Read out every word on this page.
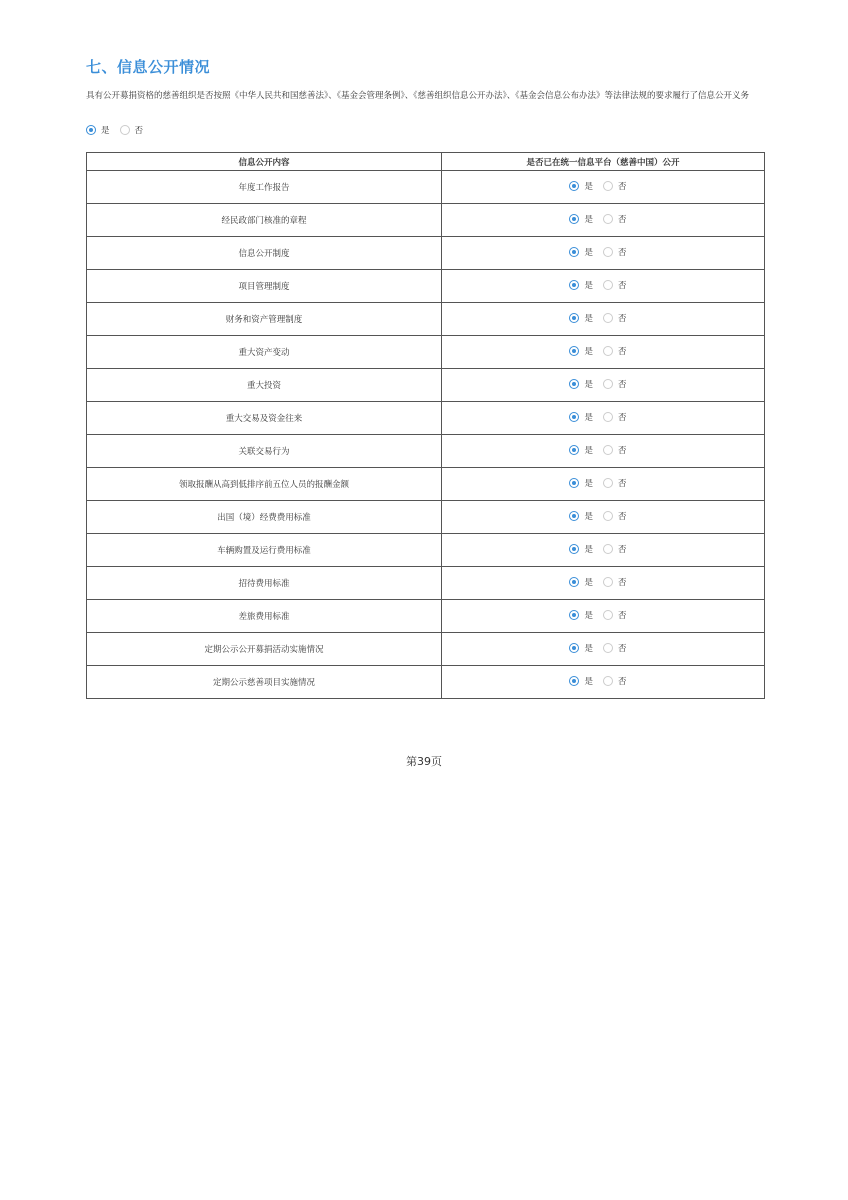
七、信息公开情况
具有公开募捐资格的慈善组织是否按照《中华人民共和国慈善法》、《基金会管理条例》、《慈善组织信息公开办法》、《基金会信息公布办法》等法律法规的要求履行了信息公开义务
是	否
信息公开内容	是否已在统一信息平台（慈善中国）公开
年度工作报告	是 否

经民政部门核准的章程	是 否

信息公开制度	是 否

项目管理制度	是 否

财务和资产管理制度	是 否

重大资产变动	是 否

重大投资	是 否

重大交易及资金往来	是 否

关联交易行为	是 否

领取报酬从高到低排序前五位人员的报酬金额	是 否

出国（境）经费费用标准	是 否

车辆购置及运行费用标准	是 否

招待费用标准	是 否

差旅费用标准	是 否

定期公示公开募捐活动实施情况	是 否

定期公示慈善项目实施情况	是 否
第39页
